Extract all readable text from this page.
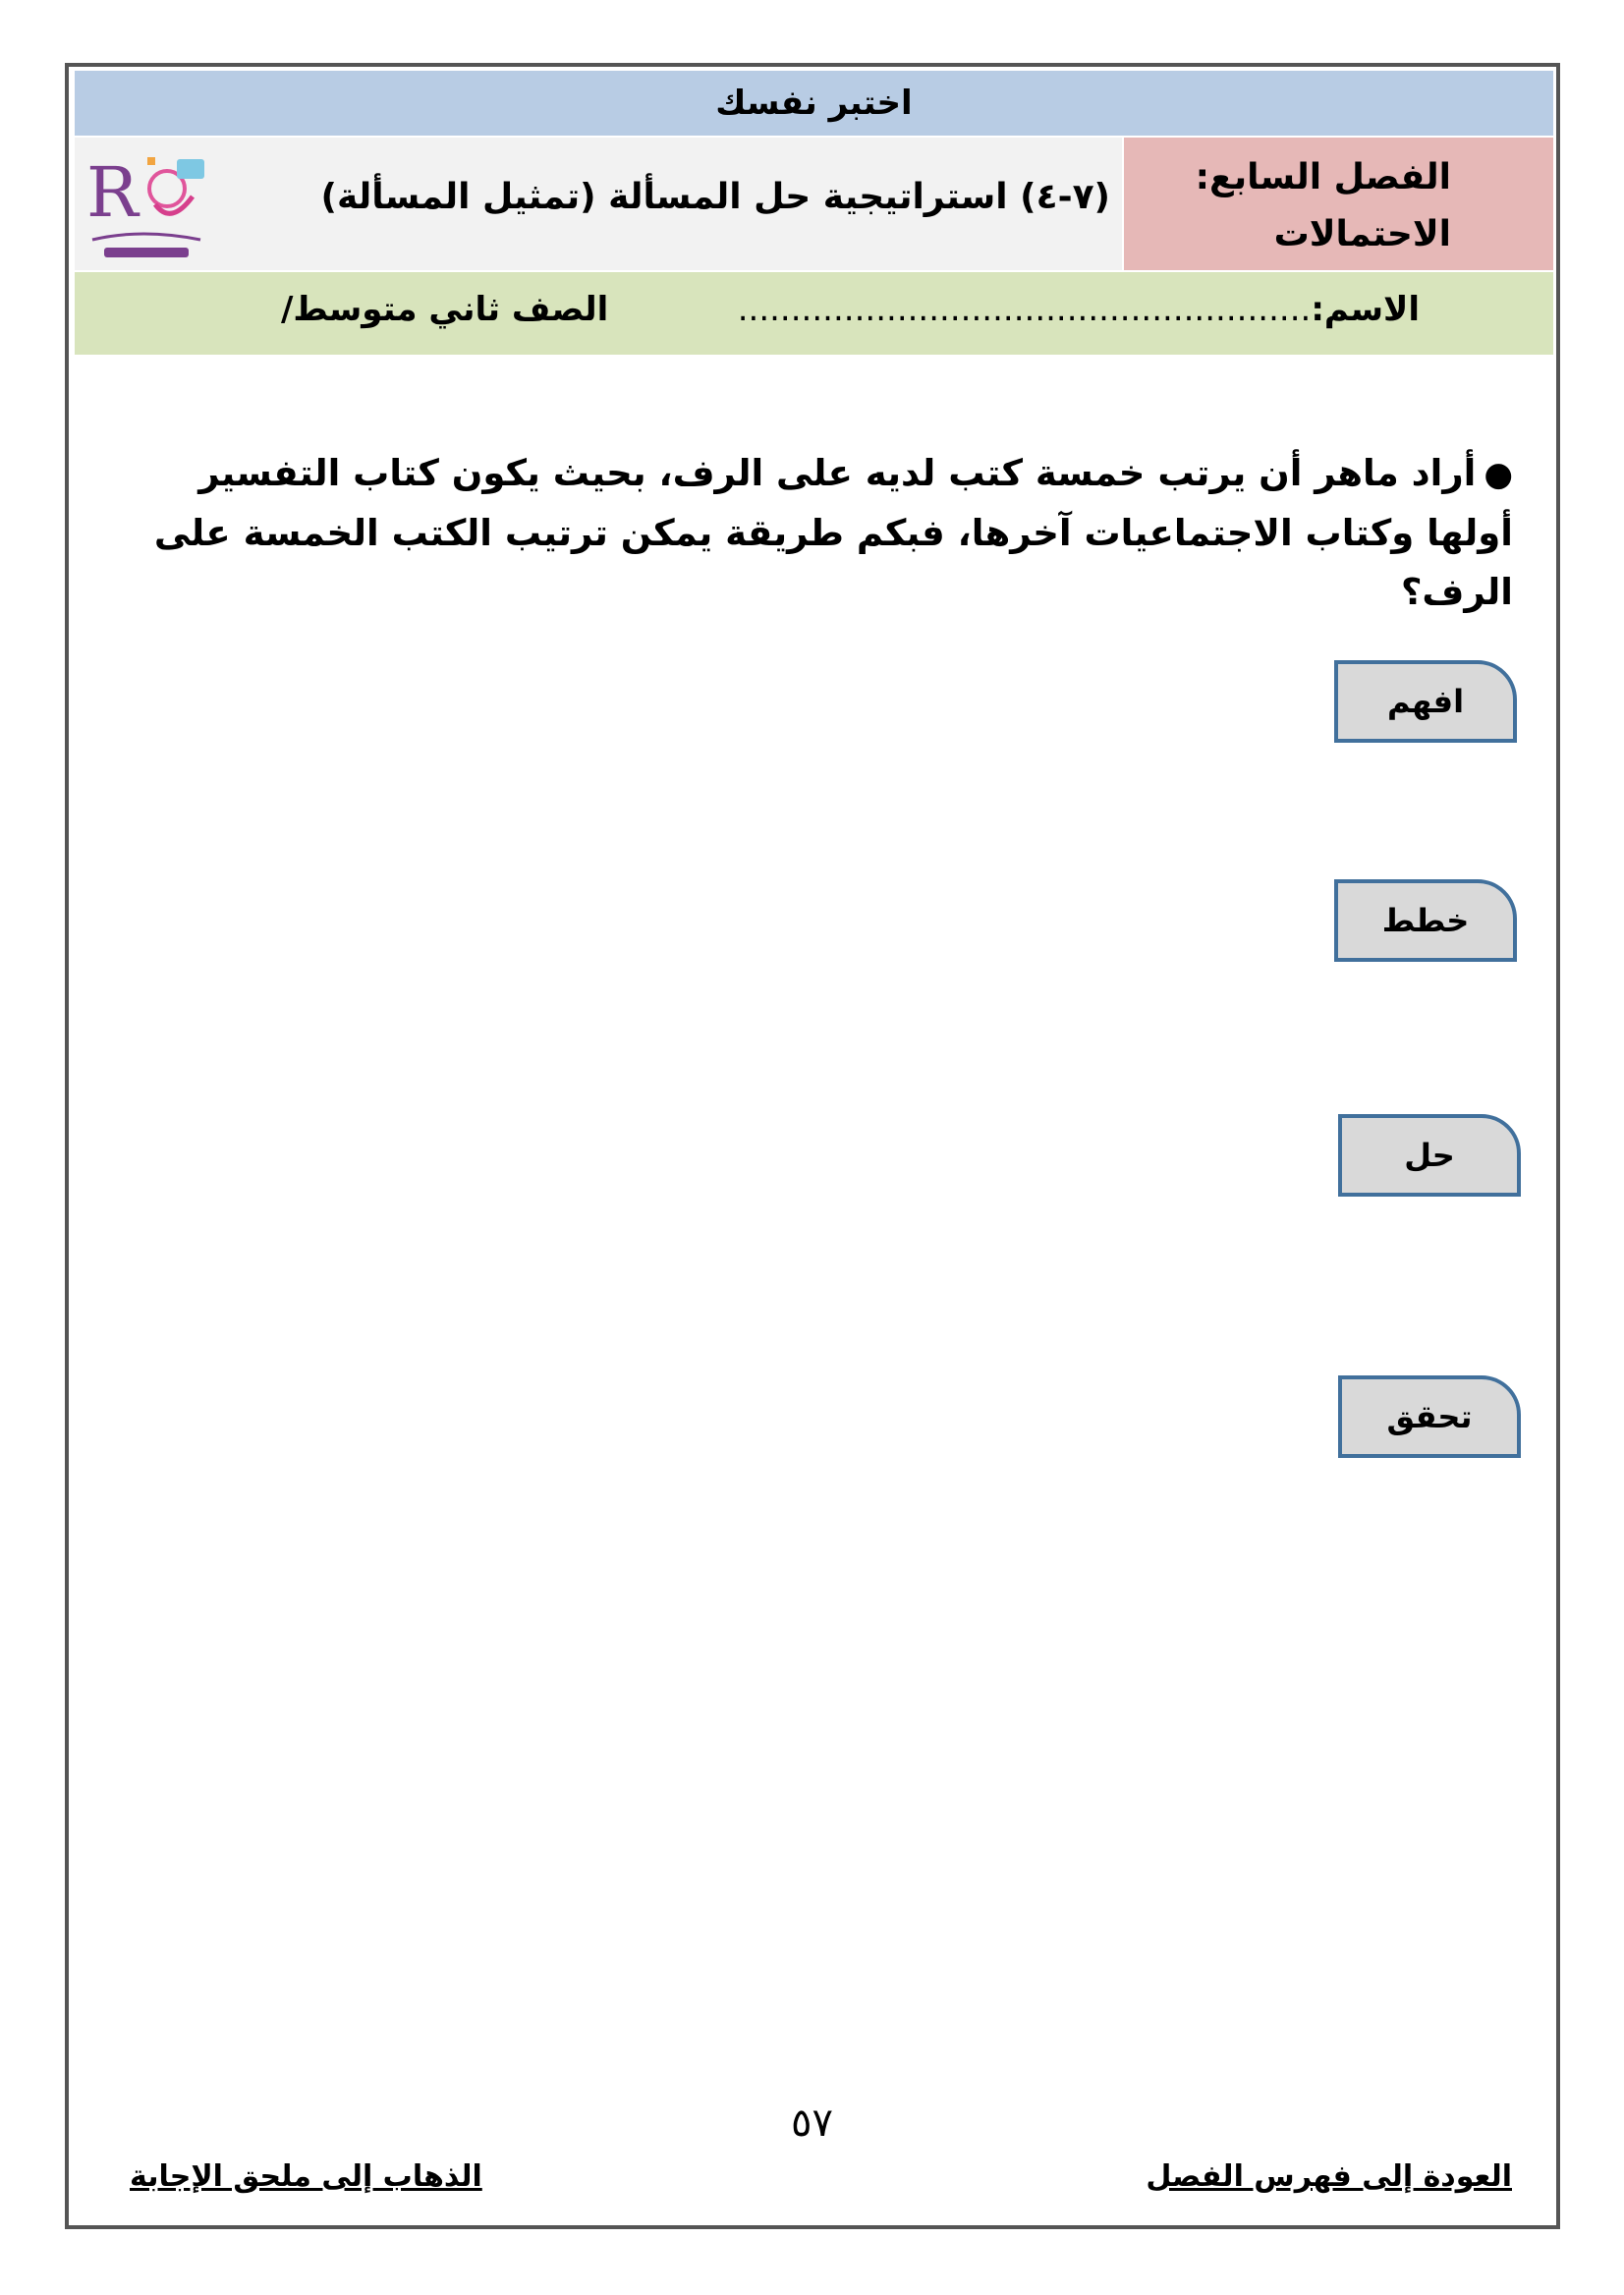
اختبر نفسك
الفصل السابع:
الاحتمالات
(٧-٤) استراتيجية حل المسألة (تمثيل المسألة)
R
الاسم:......................................................
الصف ثاني متوسط/
●أراد ماهر أن يرتب خمسة كتب لديه على الرف، بحيث يكون كتاب التفسير أولها وكتاب الاجتماعيات آخرها، فبكم طريقة يمكن ترتيب الكتب الخمسة على الرف؟
افهم
خطط
حل
تحقق
٥٧
العودة إلى فهرس الفصل
الذهاب إلى ملحق الإجابة
